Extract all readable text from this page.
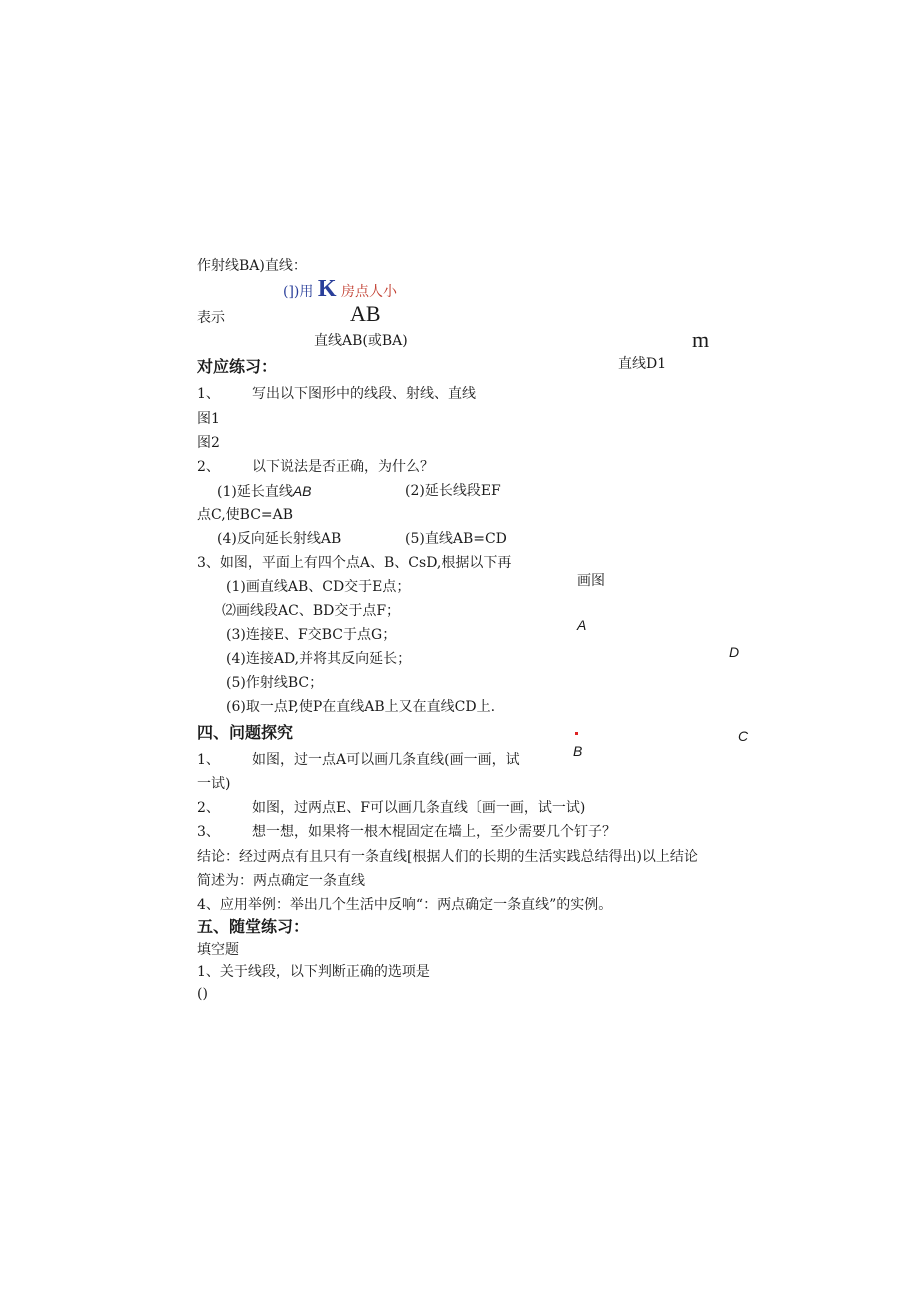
作射线BA)直线：
(])用 K 房点人小
表示	AB
直线AB(或BA)	m
对应练习：	直线D1
1、 写出以下图形中的线段、射线、直线
图1
图2
2、 以下说法是否正确，为什么？
(1)延长直线AB	(2)延长线段EF
点C,使BC=AB
(4)反向延长射线AB	(5)直线AB=CD
3、如图，平面上有四个点A、B、CsD,根据以下再
画图
(1)画直线AB、CD交于E点；
⑵画线段AC、BD交于点F；
(3)连接E、F交BC于点G；
(4)连接AD,并将其反向延长；
(5)作射线BC；
(6)取一点P,使P在直线AB上又在直线CD上.
A
D
B
C
四、问题探究
1、 如图，过一点A可以画几条直线(画一画，试
一试)
2、 如图，过两点E、F可以画几条直线〔画一画，试一试)
3、 想一想，如果将一根木棍固定在墙上，至少需要几个钉子？
结论：经过两点有且只有一条直线[根据人们的长期的生活实践总结得出)以上结论
简述为：两点确定一条直线
4、应用举例：举出几个生活中反响“：两点确定一条直线”的实例。
五、随堂练习：
填空题
1、关于线段，以下判断正确的选项是
()
